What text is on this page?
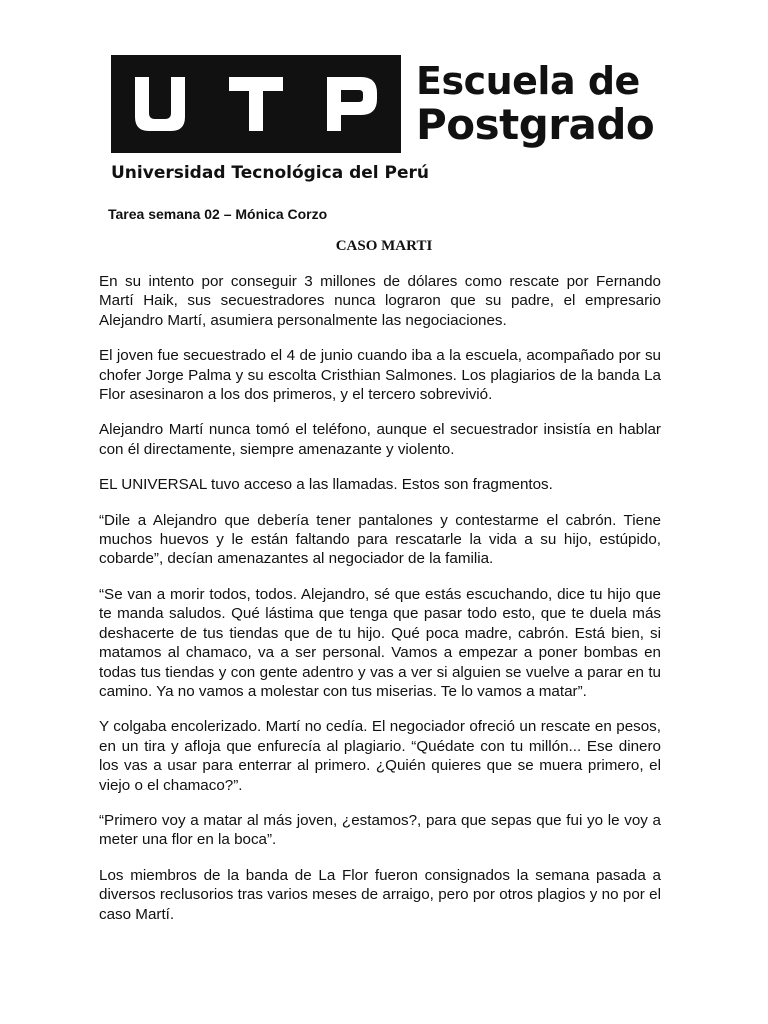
Escuela de
Postgrado
Universidad Tecnológica del Perú
Tarea semana 02 – Mónica Corzo
CASO MARTI

En su intento por conseguir 3 millones de dólares como rescate por Fernando Martí Haik, sus secuestradores nunca lograron que su padre, el empresario Alejandro Martí, asumiera personalmente las negociaciones.

El joven fue secuestrado el 4 de junio cuando iba a la escuela, acompañado por su chofer Jorge Palma y su escolta Cristhian Salmones. Los plagiarios de la banda La Flor asesinaron a los dos primeros, y el tercero sobrevivió.

Alejandro Martí nunca tomó el teléfono, aunque el secuestrador insistía en hablar con él directamente, siempre amenazante y violento.

EL UNIVERSAL tuvo acceso a las llamadas. Estos son fragmentos.

“Dile a Alejandro que debería tener pantalones y contestarme el cabrón. Tiene muchos huevos y le están faltando para rescatarle la vida a su hijo, estúpido, cobarde”, decían amenazantes al negociador de la familia.

“Se van a morir todos, todos. Alejandro, sé que estás escuchando, dice tu hijo que te manda saludos. Qué lástima que tenga que pasar todo esto, que te duela más deshacerte de tus tiendas que de tu hijo. Qué poca madre, cabrón. Está bien, si matamos al chamaco, va a ser personal. Vamos a empezar a poner bombas en todas tus tiendas y con gente adentro y vas a ver si alguien se vuelve a parar en tu camino. Ya no vamos a molestar con tus miserias. Te lo vamos a matar”.

Y colgaba encolerizado. Martí no cedía. El negociador ofreció un rescate en pesos, en un tira y afloja que enfurecía al plagiario. “Quédate con tu millón... Ese dinero los vas a usar para enterrar al primero. ¿Quién quieres que se muera primero, el viejo o el chamaco?”.

“Primero voy a matar al más joven, ¿estamos?, para que sepas que fui yo le voy a meter una flor en la boca”.

Los miembros de la banda de La Flor fueron consignados la semana pasada a diversos reclusorios tras varios meses de arraigo, pero por otros plagios y no por el caso Martí.
